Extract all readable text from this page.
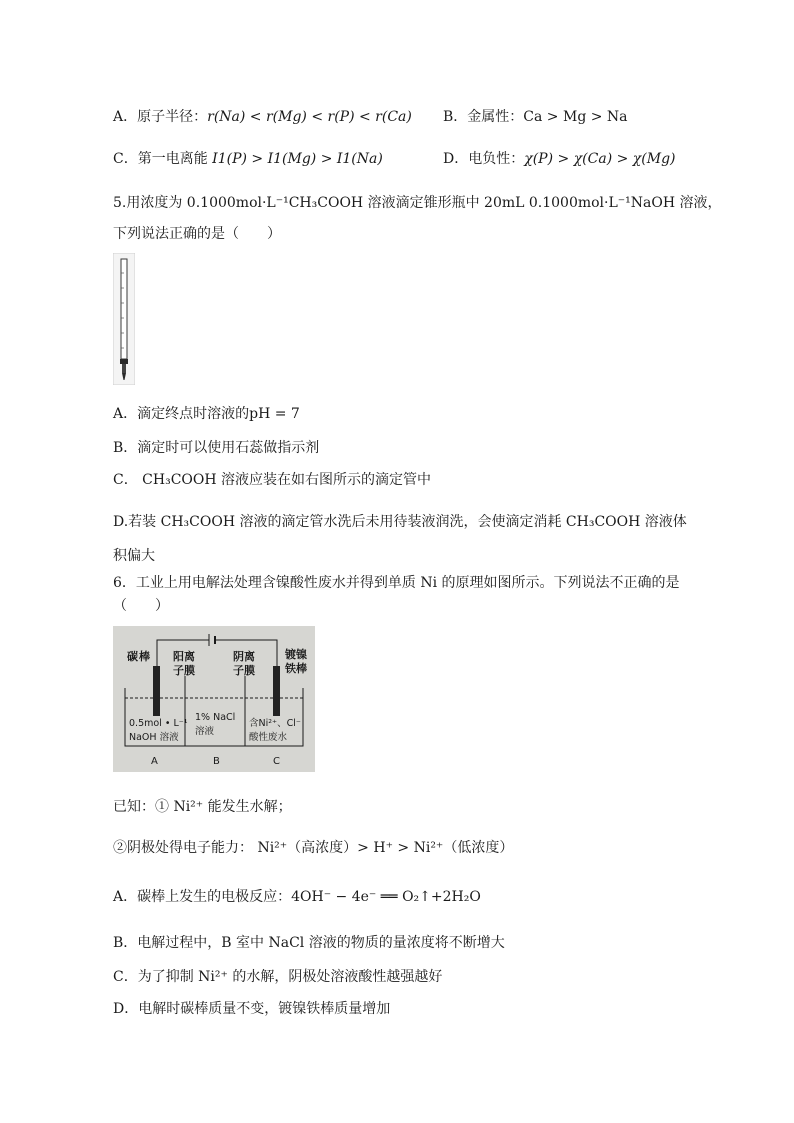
A．原子半径：r(Na) < r(Mg) < r(P) < r(Ca) B．金属性：Ca > Mg > Na
C．第一电离能 I1(P) > I1(Mg) > I1(Na)	D．电负性：χ(P) > χ(Ca) > χ(Mg)
5.用浓度为 0.1000mol·L⁻¹CH₃COOH 溶液滴定锥形瓶中 20mL 0.1000mol·L⁻¹NaOH 溶液，
下列说法正确的是（　　）
A．滴定终点时溶液的pH = 7
B．滴定时可以使用石蕊做指示剂
C． CH₃COOH 溶液应装在如右图所示的滴定管中
D.若装 CH₃COOH 溶液的滴定管水洗后未用待装液润洗，会使滴定消耗 CH₃COOH 溶液体
积偏大
6．工业上用电解法处理含镍酸性废水并得到单质 Ni 的原理如图所示。下列说法不正确的是
（　　）
碳 棒 阳离
子膜
阴离
子膜
镀镍
铁棒
0.5mol • L⁻¹
NaOH 溶液
1% NaCl
溶液
含Ni²⁺、Cl⁻
酸性废水
A	B	C
已知：① Ni²⁺ 能发生水解；
②阴极处得电子能力： Ni²⁺（高浓度）> H⁺ > Ni²⁺（低浓度）
A．碳棒上发生的电极反应：4OH⁻ − 4e⁻ ══ O₂↑+2H₂O
B．电解过程中，B 室中 NaCl 溶液的物质的量浓度将不断增大
C．为了抑制 Ni²⁺ 的水解，阴极处溶液酸性越强越好
D．电解时碳棒质量不变，镀镍铁棒质量增加
